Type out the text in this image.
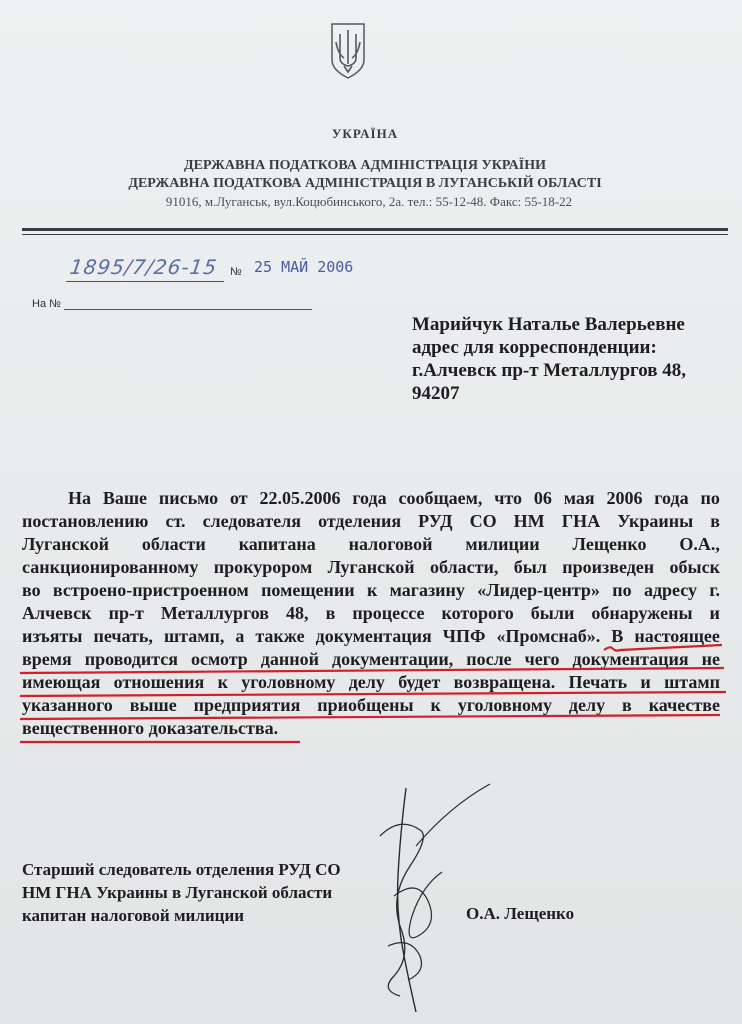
УКРАЇНА
ДЕРЖАВНА ПОДАТКОВА АДМІНІСТРАЦІЯ УКРАЇНИ
ДЕРЖАВНА ПОДАТКОВА АДМІНІСТРАЦІЯ В ЛУГАНСЬКІЙ ОБЛАСТІ
91016, м.Луганськ, вул.Коцюбинського, 2а. тел.: 55-12-48. Факс: 55-18-22
1895/7/26-15 № 25 МАЙ 2006
На №
Марийчук Наталье Валерьевне
адрес для корреспонденции:
г.Алчевск пр-т Металлургов 48,
94207
На Ваше письмо от 22.05.2006 года сообщаем, что 06 мая 2006 года по
постановлению ст. следователя отделения РУД СО НМ ГНА Украины в
Луганской области капитана налоговой милиции Лещенко О.А.,
санкционированному прокурором Луганской области, был произведен обыск
во встроено-пристроенном помещении к магазину «Лидер-центр» по адресу г.
Алчевск пр-т Металлургов 48, в процессе которого были обнаружены и
изъяты печать, штамп, а также документация ЧПФ «Промснаб». В настоящее
время проводится осмотр данной документации, после чего документация не
имеющая отношения к уголовному делу будет возвращена. Печать и штамп
указанного выше предприятия приобщены к уголовному делу в качестве
вещественного доказательства.
Старший следователь отделения РУД СО
НМ ГНА Украины в Луганской области
капитан налоговой милиции	О.А. Лещенко
